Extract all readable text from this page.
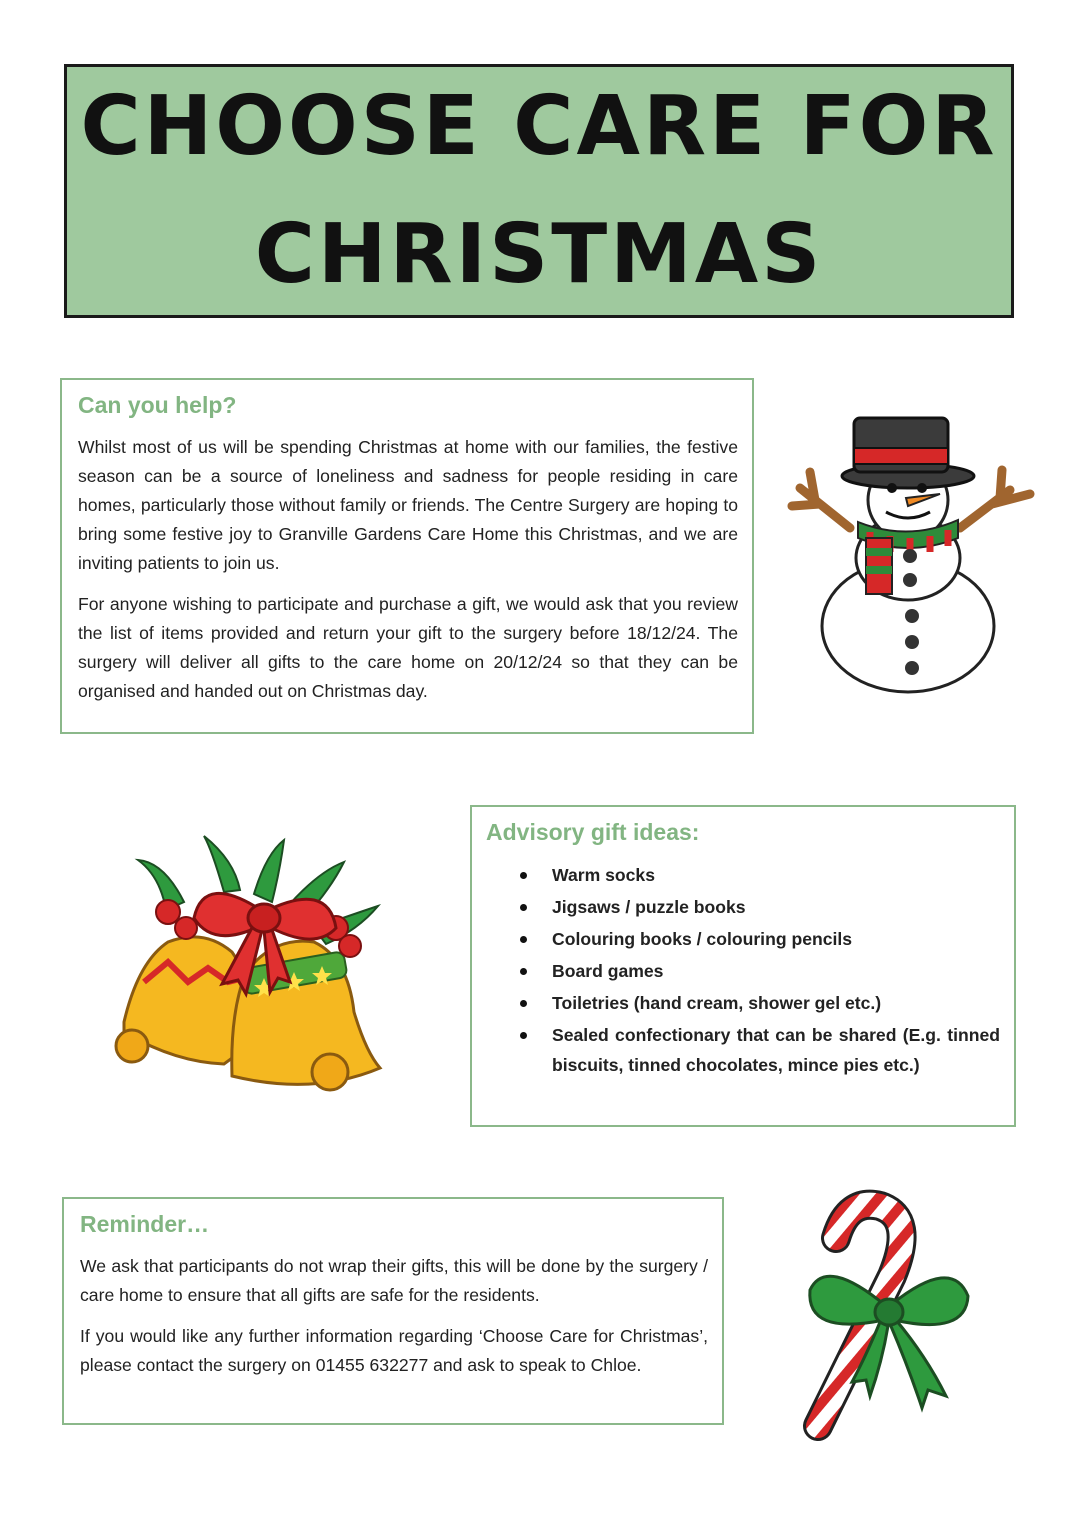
CHOOSE CARE FOR
CHRISTMAS
Can you help?

Whilst most of us will be spending Christmas at home with our families, the festive season can be a source of loneliness and sadness for people residing in care homes, particularly those without family or friends. The Centre Surgery are hoping to bring some festive joy to Granville Gardens Care Home this Christmas, and we are inviting patients to join us.

For anyone wishing to participate and purchase a gift, we would ask that you review the list of items provided and return your gift to the surgery before 18/12/24. The surgery will deliver all gifts to the care home on 20/12/24 so that they can be organised and handed out on Christmas day.

Advisory gift ideas:
Warm socks
Jigsaws / puzzle books
Colouring books / colouring pencils
Board games
Toiletries (hand cream, shower gel etc.)
Sealed confectionary that can be shared (E.g. tinned biscuits, tinned chocolates, mince pies etc.)
Reminder…

We ask that participants do not wrap their gifts, this will be done by the surgery / care home to ensure that all gifts are safe for the residents.

If you would like any further information regarding ‘Choose Care for Christmas’, please contact the surgery on 01455 632277 and ask to speak to Chloe.
